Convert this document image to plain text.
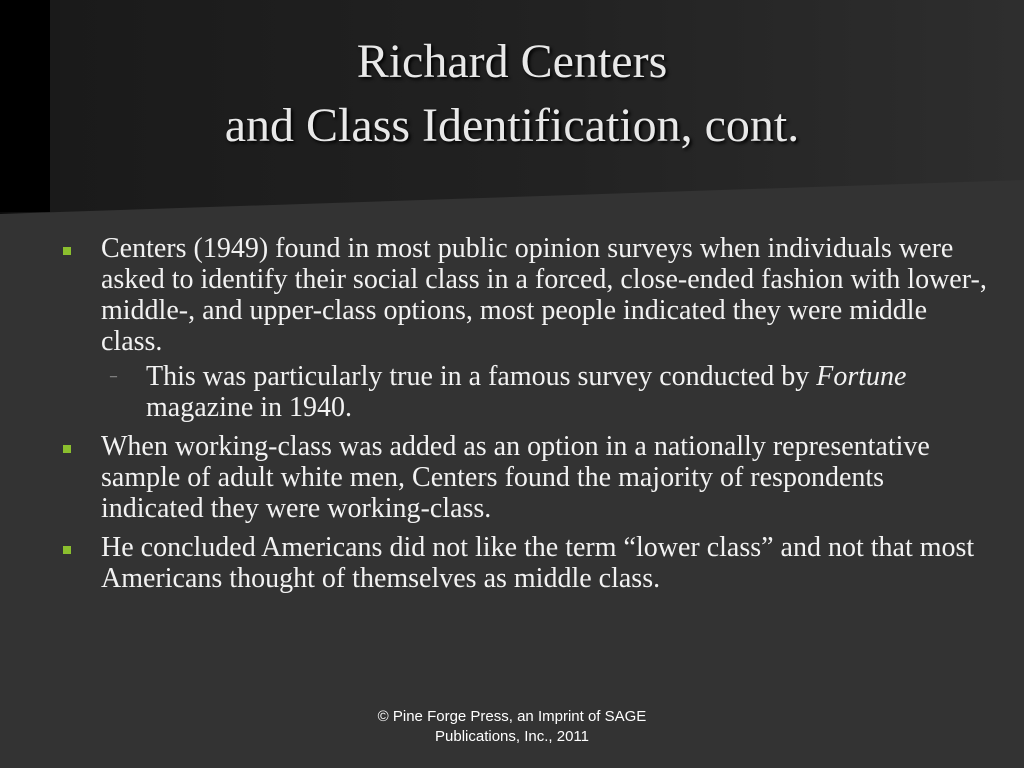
Richard Centers
and Class Identification, cont.
Centers (1949) found in most public opinion surveys when individuals were asked to identify their social class in a forced, close-ended fashion with lower-, middle-, and upper-class options, most people indicated they were middle class.
– This was particularly true in a famous survey conducted by Fortune magazine in 1940.
When working-class was added as an option in a nationally representative sample of adult white men, Centers found the majority of respondents indicated they were working-class.
He concluded Americans did not like the term “lower class” and not that most Americans thought of themselves as middle class.
© Pine Forge Press, an Imprint of SAGE
Publications, Inc., 2011
